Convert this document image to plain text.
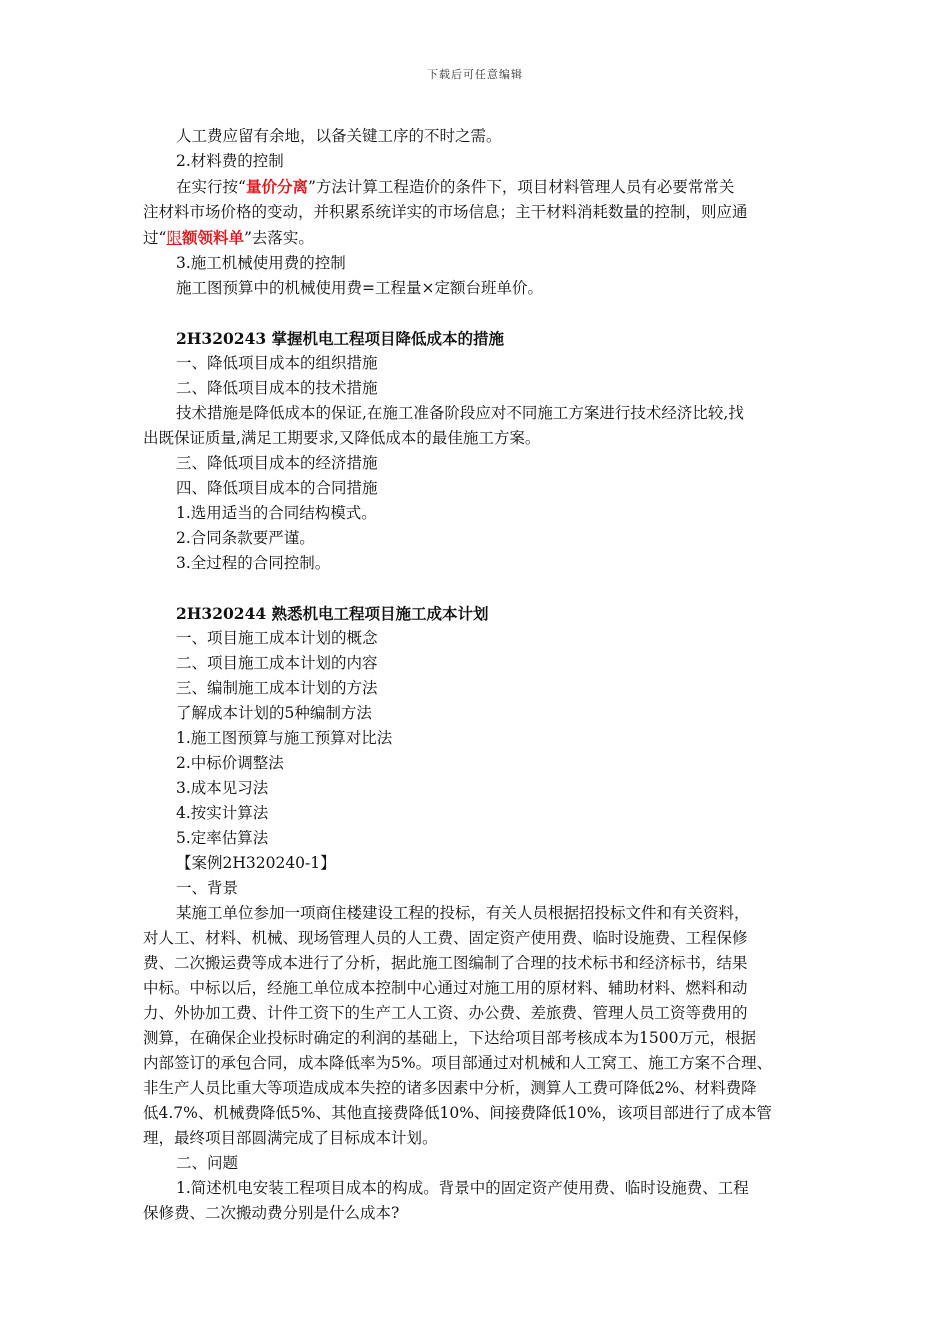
下载后可任意编辑

人工费应留有余地，以备关键工序的不时之需。

2.材料费的控制

在实行按“量价分离”方法计算工程造价的条件下，项目材料管理人员有必要常常关
注材料市场价格的变动，并积累系统详实的市场信息；主干材料消耗数量的控制，则应通
过“限额领料单”去落实。

3.施工机械使用费的控制

施工图预算中的机械使用费=工程量×定额台班单价。

2H320243 掌握机电工程项目降低成本的措施

一、降低项目成本的组织措施

二、降低项目成本的技术措施

技术措施是降低成本的保证,在施工准备阶段应对不同施工方案进行技术经济比较,找
出既保证质量,满足工期要求,又降低成本的最佳施工方案。

三、降低项目成本的经济措施

四、降低项目成本的合同措施

1.选用适当的合同结构模式。

2.合同条款要严谨。

3.全过程的合同控制。

2H320244 熟悉机电工程项目施工成本计划

一、项目施工成本计划的概念

二、项目施工成本计划的内容

三、编制施工成本计划的方法

了解成本计划的5种编制方法

1.施工图预算与施工预算对比法

2.中标价调整法

3.成本见习法

4.按实计算法

5.定率估算法

【案例2H320240-1】

一、背景

某施工单位参加一项商住楼建设工程的投标，有关人员根据招投标文件和有关资料，
对人工、材料、机械、现场管理人员的人工费、固定资产使用费、临时设施费、工程保修
费、二次搬运费等成本进行了分析，据此施工图编制了合理的技术标书和经济标书，结果
中标。中标以后，经施工单位成本控制中心通过对施工用的原材料、辅助材料、燃料和动
力、外协加工费、计件工资下的生产工人工资、办公费、差旅费、管理人员工资等费用的
测算，在确保企业投标时确定的利润的基础上，下达给项目部考核成本为1500万元，根据
内部签订的承包合同，成本降低率为5%。项目部通过对机械和人工窝工、施工方案不合理、
非生产人员比重大等项造成成本失控的诸多因素中分析，测算人工费可降低2%、材料费降
低4.7%、机械费降低5%、其他直接费降低10%、间接费降低10%，该项目部进行了成本管
理，最终项目部圆满完成了目标成本计划。

二、问题

1.简述机电安装工程项目成本的构成。背景中的固定资产使用费、临时设施费、工程
保修费、二次搬动费分别是什么成本?
